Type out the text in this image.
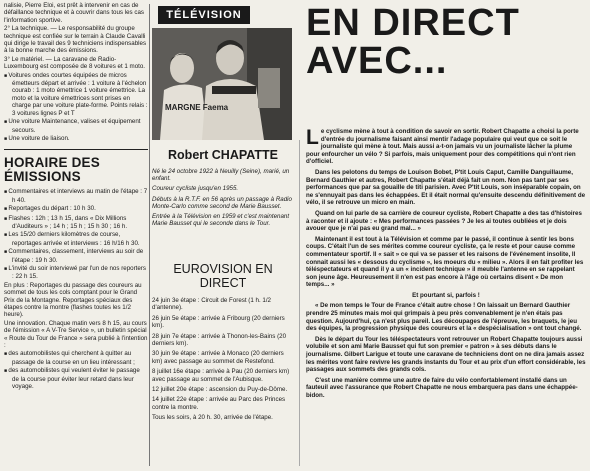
nalisie, Pierre Eloi, est prêt à intervenir en cas de défaillance technique et à couvrir dans tous les cas l'information sportive.

2° La technique. — Le responsabilité du groupe technique est confiée sur le terrain à Claude Cavalli qui dirige le travail des 9 techniciens indispensables à la bonne marche des émissions.

3° Le matériel. — La caravane de Radio-Luxembourg est composée de 8 voitures et 1 moto.

■ Voitures ondes courtes équipées de micros émetteurs départ et arrivée : 1 voiture à l'échelon courab : 1 moto émettrice 1 voiture émettrice. La moto et la voiture émettrices sont prises en charge par une voiture plate-forme. Points relais : 3 voitures lignes P et T

■ Une voiture Maintenance, valises et équipement secours.

■ Une voiture de liaison.

HORAIRE DES ÉMISSIONS

■ Commentaires et interviews au matin de l'étape : 7 h 40.

■ Reportages du départ : 10 h 30.

■ Flashes : 12h ; 13 h 15, dans « Dix Millions d'Auditeurs » ; 14 h ; 15 h ; 15 h 30 ; 16 h.

■ Les 15/20 derniers kilomètres de course, reportages arrivée et interviews : 16 h/16 h 30.

■ Commentaires, classement, interviews au soir de l'étape : 19 h 30.

■ L'invité du soir interviewé par l'un de nos reporters : 22 h 15.

En plus : Reportages du passage des coureurs au sommet de tous les cols comptant pour le Grand Prix de la Montagne. Reportages spéciaux des étapes contre la montre (flashes toutes les 1/2 heure).

Une innovation. Chaque matin vers 8 h 15, au cours de l'émission « A V-Tre Service », un bulletin spécial « Route du Tour de France » sera publié à l'intention :

■ des automobilistes qui cherchent à quitter au passage de la course en un lieu intéressant ;

■ des automobilistes qui veulent éviter le passage de la course pour éviter leur retard dans leur voyage.

TÉLÉVISION
MARGNE Faema
Robert CHAPATTE

Né le 24 octobre 1922 à Neuilly (Seine), marié, un enfant.

Coureur cycliste jusqu'en 1955.

Débuts à la R.T.F. en 56 après un passage à Radio Monte-Carlo comme second de Marie Bausset.

Entrée à la Télévision en 1959 et c'est maintenant Marie Bausset qui le seconde dans le Tour.

EUROVISION EN DIRECT

24 juin 3e étape : Circuit de Forest (1 h. 1/2 d'antenne).

26 juin 5e étape : arrivée à Fribourg (20 derniers km).

28 juin 7e étape : arrivée à Thonon-les-Bains (20 derniers km).

30 juin 9e étape : arrivée à Monaco (20 derniers km) avec passage au sommet de Restefond.

8 juillet 16e étape : arrivée à Pau (20 derniers km) avec passage au sommet de l'Aubisque.

12 juillet 20e étape : ascension du Puy-de-Dôme.

14 juillet 22e étape : arrivée au Parc des Princes contre la montre.

Tous les soirs, à 20 h. 30, arrivée de l'étape.

EN DIRECT
AVEC...

Le cyclisme mène à tout à condition de savoir en sortir. Robert Chapatte a choisi la porte d'entrée du journalisme faisant ainsi mentir l'adage populaire qui veut que ce soit le journaliste qui mène à tout. Mais aussi a-t-on jamais vu un journaliste lâcher la plume pour enfourcher un vélo ? Si parfois, mais uniquement pour des compétitions qui n'ont rien d'officiel.

Dans les pelotons du temps de Louison Bobet, P'tit Louis Caput, Camille Danguillaume, Bernard Gauthier et autres, Robert Chapatte s'était déjà fait un nom. Non pas tant par ses performances que par sa gouaille de titi parisien. Avec P'tit Louis, son inséparable copain, on ne s'ennuyait pas dans les échappées. Et il était normal qu'ensuite descendu définitivement de vélo, il se retrouve un micro en main.

Quand on lui parle de sa carrière de coureur cycliste, Robert Chapatte a des tas d'histoires à raconter et il ajoute : « Mes performances passées ? Je les ai toutes oubliées et je dois avouer que je n'ai pas eu grand mal... »

Maintenant il est tout à la Télévision et comme par le passé, il continue à sentir les bons coups. C'était l'un de ses mérites comme coureur cycliste, ça le reste et pour cause comme commentateur sportif. Il « sait » ce qui va se passer et les raisons de l'événement insolite, Il connait aussi les « dessous du cyclisme », les moeurs du « milieu ». Alors il en fait profiter les téléspectateurs et quand il y a un « incident technique » il meuble l'antenne en se rappelant son jeune âge. Heureusement il n'en est pas encore à l'âge où certains disent « De mon temps... »

Et pourtant si, parfois !

« De mon temps le Tour de France c'était autre chose ! On laissait un Bernard Gauthier prendre 25 minutes mais moi qui grimpais à peu près convenablement je n'en étais pas question. Aujourd'hui, ça n'est plus pareil. Les découpages de l'épreuve, les braquets, le jeu des équipes, la progression physique des coureurs et la « despécialisation » ont tout changé.

Dès le départ du Tour les téléspectateurs vont retrouver un Robert Chapatte toujours aussi volubile et son ami Marie Bausset qui fut son premier « patron » à ses débuts dans le journalisme. Gilbert Larigue et toute une caravane de techniciens dont on ne dira jamais assez les mérites vont faire revivre les grands instants du Tour et au prix d'un effort considérable, les passages aux sommets des grands cols.

C'est une manière comme une autre de faire du vélo confortablement installé dans un fauteuil avec l'assurance que Robert Chapatte ne nous embarquera pas dans une échappée-bidon.
